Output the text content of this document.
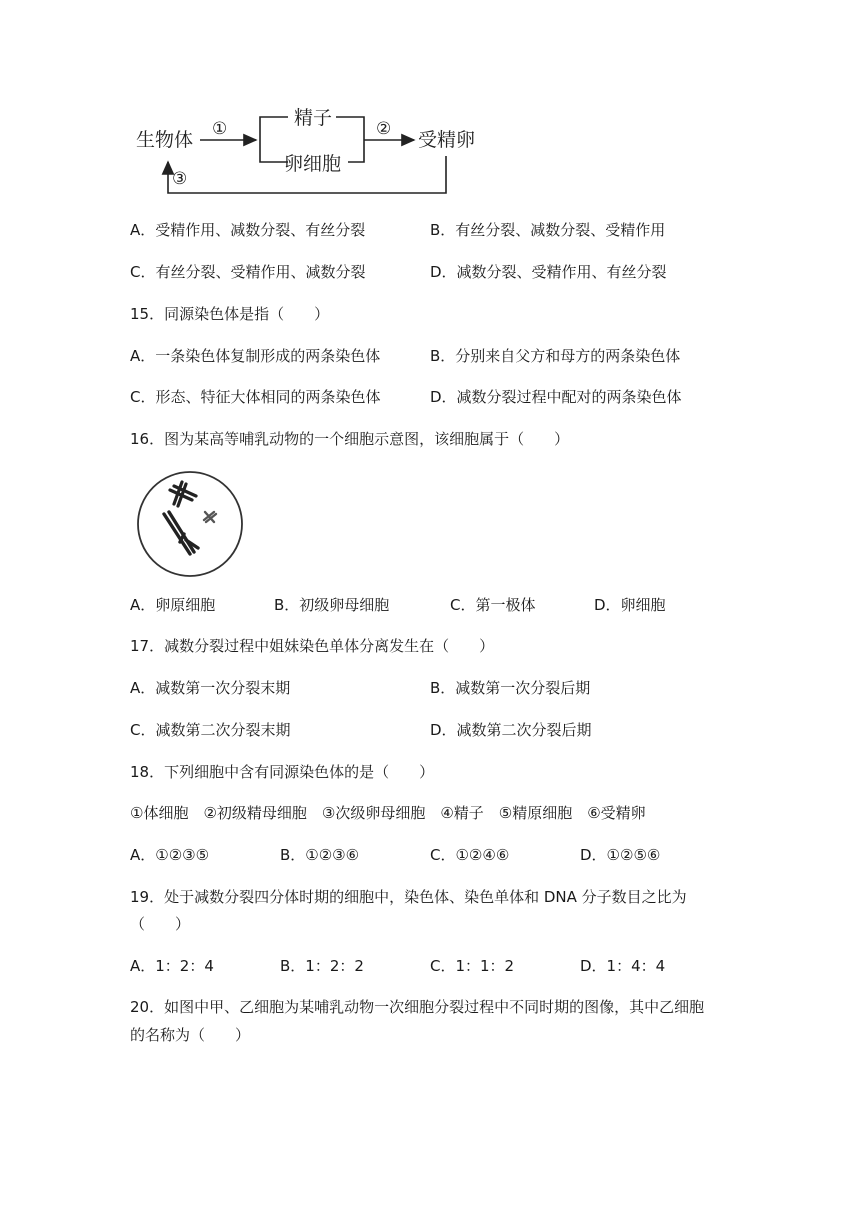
生物体 ①	精子
卵细胞
② 受精卵
③
A．受精作用、减数分裂、有丝分裂	B．有丝分裂、减数分裂、受精作用
C．有丝分裂、受精作用、减数分裂	D．减数分裂、受精作用、有丝分裂
15．同源染色体是指（　　）
A．一条染色体复制形成的两条染色体	B．分别来自父方和母方的两条染色体
C．形态、特征大体相同的两条染色体	D．减数分裂过程中配对的两条染色体
16．图为某高等哺乳动物的一个细胞示意图，该细胞属于（　　）
A．卵原细胞	B．初级卵母细胞	C．第一极体	D．卵细胞
17．减数分裂过程中姐妹染色单体分离发生在（　　）
A．减数第一次分裂末期	B．减数第一次分裂后期
C．减数第二次分裂末期	D．减数第二次分裂后期
18．下列细胞中含有同源染色体的是（　　）
①体细胞　②初级精母细胞　③次级卵母细胞　④精子　⑤精原细胞　⑥受精卵
A．①②③⑤	B．①②③⑥	C．①②④⑥	D．①②⑤⑥
19．处于减数分裂四分体时期的细胞中，染色体、染色单体和 DNA 分子数目之比为
（　　）
A．1：2：4	B．1：2：2	C．1：1：2	D．1：4：4
20．如图中甲、乙细胞为某哺乳动物一次细胞分裂过程中不同时期的图像，其中乙细胞
的名称为（　　）
